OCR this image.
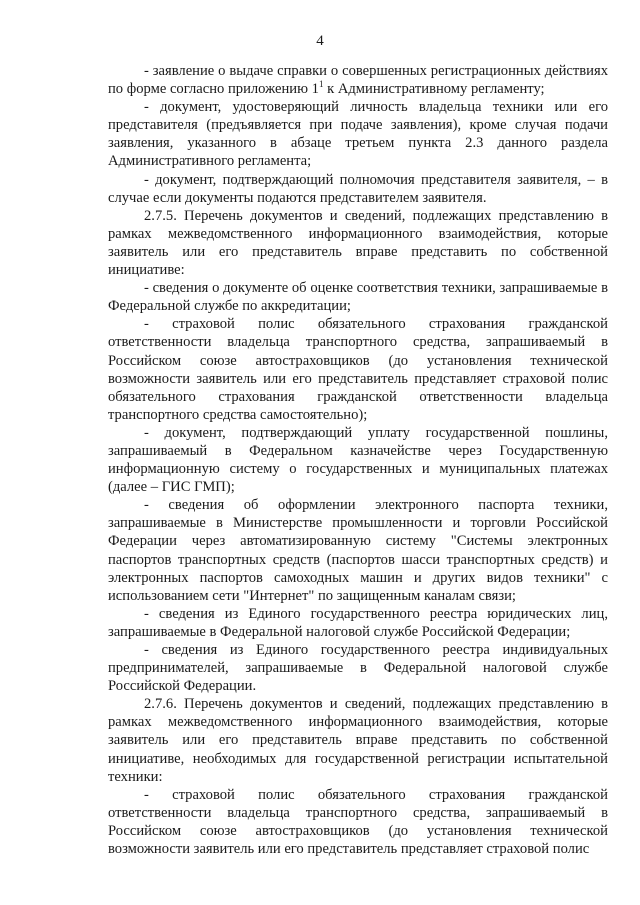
4

- заявление о выдаче справки о совершенных регистрационных действиях по форме согласно приложению $1^1$ к Административному регламенту;

- документ, удостоверяющий личность владельца техники или его представителя (предъявляется при подаче заявления), кроме случая подачи заявления, указанного в абзаце третьем пункта 2.3 данного раздела Административного регламента;

- документ, подтверждающий полномочия представителя заявителя, – в случае если документы подаются представителем заявителя.

2.7.5. Перечень документов и сведений, подлежащих представлению в рамках межведомственного информационного взаимодействия, которые заявитель или его представитель вправе представить по собственной инициативе:

- сведения о документе об оценке соответствия техники, запрашиваемые в Федеральной службе по аккредитации;

- страховой полис обязательного страхования гражданской ответственности владельца транспортного средства, запрашиваемый в Российском союзе автостраховщиков (до установления технической возможности заявитель или его представитель представляет страховой полис обязательного страхования гражданской ответственности владельца транспортного средства самостоятельно);

- документ, подтверждающий уплату государственной пошлины, запрашиваемый в Федеральном казначействе через Государственную информационную систему о государственных и муниципальных платежах (далее – ГИС ГМП);

- сведения об оформлении электронного паспорта техники, запрашиваемые в Министерстве промышленности и торговли Российской Федерации через автоматизированную систему "Системы электронных паспортов транспортных средств (паспортов шасси транспортных средств) и электронных паспортов самоходных машин и других видов техники" с использованием сети "Интернет" по защищенным каналам связи;

- сведения из Единого государственного реестра юридических лиц, запрашиваемые в Федеральной налоговой службе Российской Федерации;

- сведения из Единого государственного реестра индивидуальных предпринимателей, запрашиваемые в Федеральной налоговой службе Российской Федерации.

2.7.6. Перечень документов и сведений, подлежащих представлению в рамках межведомственного информационного взаимодействия, которые заявитель или его представитель вправе представить по собственной инициативе, необходимых для государственной регистрации испытательной техники:

- страховой полис обязательного страхования гражданской ответственности владельца транспортного средства, запрашиваемый в Российском союзе автостраховщиков (до установления технической возможности заявитель или его представитель представляет страховой полис
